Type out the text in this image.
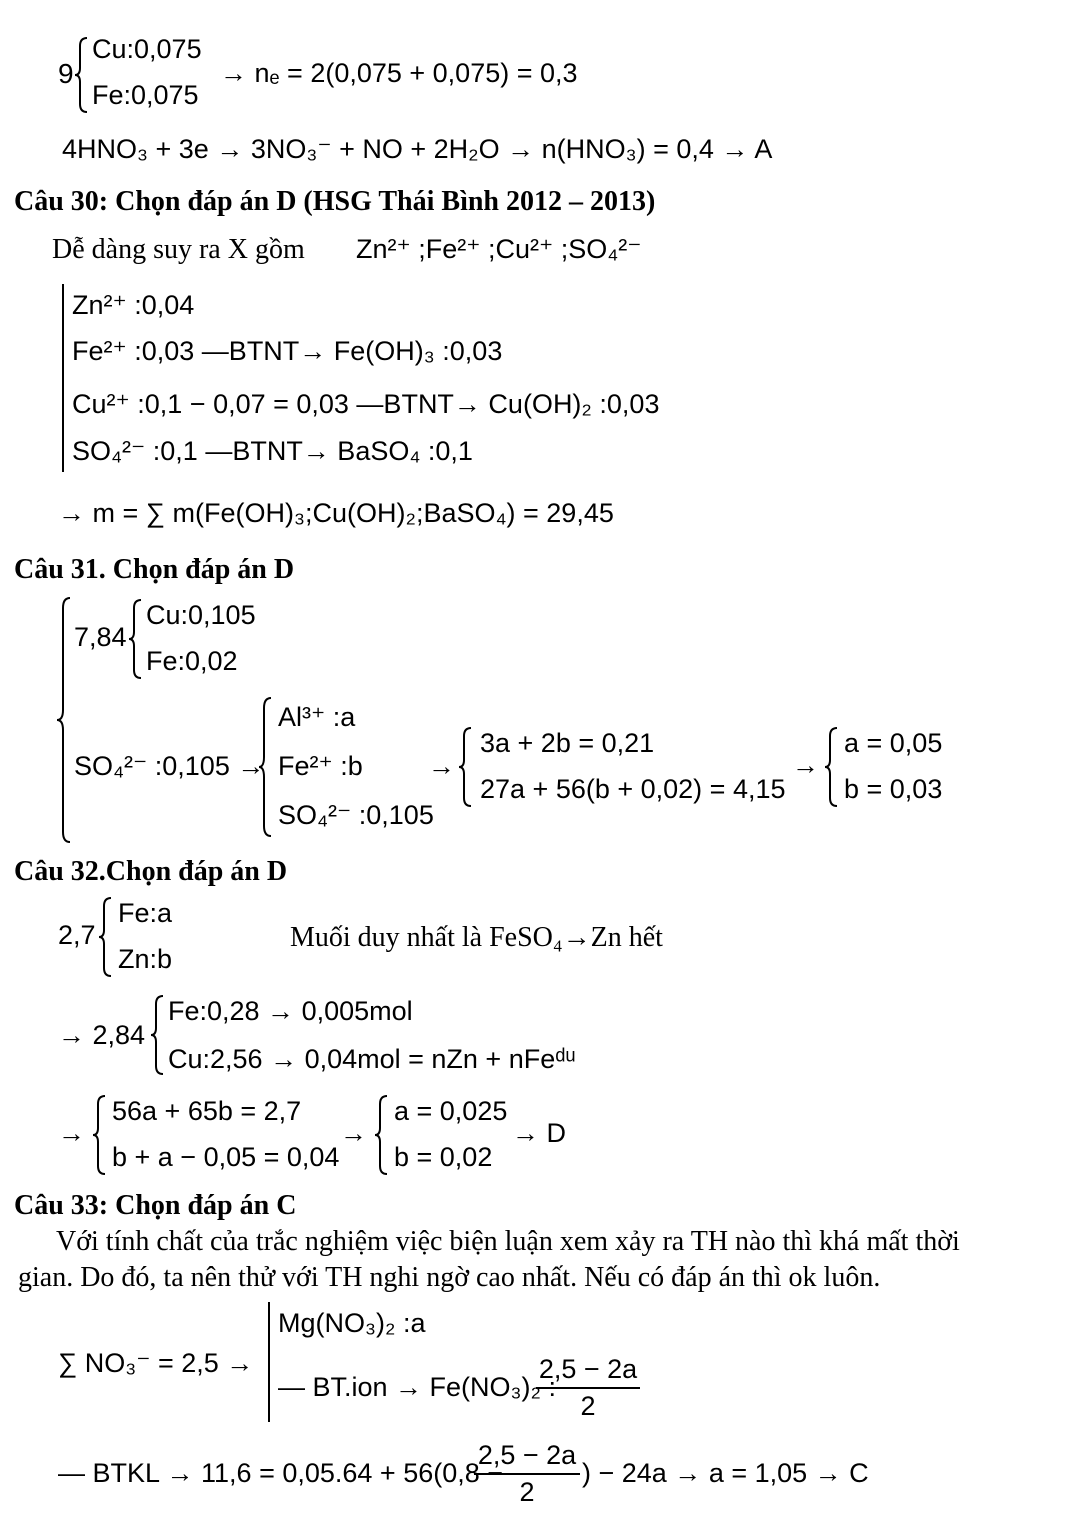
9
Cu:0,075
Fe:0,075
→ nₑ = 2(0,075 + 0,075) = 0,3
4HNO₃ + 3e → 3NO₃⁻ + NO + 2H₂O → n(HNO₃) = 0,4 → A
Câu 30: Chọn đáp án D (HSG Thái Bình 2012 – 2013)
Dễ dàng suy ra X gồm Zn²⁺ ;Fe²⁺ ;Cu²⁺ ;SO₄²⁻
Zn²⁺ :0,04
Fe²⁺ :0,03 —BTNT→ Fe(OH)₃ :0,03
Cu²⁺ :0,1 − 0,07 = 0,03 —BTNT→ Cu(OH)₂ :0,03
SO₄²⁻ :0,1 —BTNT→ BaSO₄ :0,1
→ m = ∑ m(Fe(OH)₃;Cu(OH)₂;BaSO₄) = 29,45
Câu 31. Chọn đáp án D
7,84
Cu:0,105
Fe:0,02
SO₄²⁻ :0,105 →
Al³⁺ :a
Fe²⁺ :b
SO₄²⁻ :0,105
→
3a + 2b = 0,21
27a + 56(b + 0,02) = 4,15
→
a = 0,05
b = 0,03
Câu 32.Chọn đáp án D
2,7
Fe:a
Zn:b
Muối duy nhất là FeSO₄→Zn hết
→ 2,84
Fe:0,28 → 0,005mol
Cu:2,56 → 0,04mol = nZn + nFeᵈᵘ
→
56a + 65b = 2,7
b + a − 0,05 = 0,04
→
a = 0,025
b = 0,02
→ D
Câu 33: Chọn đáp án C
Với tính chất của trắc nghiệm việc biện luận xem xảy ra TH nào thì khá mất thời
gian. Do đó, ta nên thử với TH nghi ngờ cao nhất. Nếu có đáp án thì ok luôn.
∑ NO₃⁻ = 2,5 →
Mg(NO₃)₂ :a
— BT.ion → Fe(NO₃)₂ :
2,5 − 2a
2
— BTKL → 11,6 = 0,05.64 + 56(0,8 −
2,5 − 2a
2
) − 24a → a = 1,05 → C
